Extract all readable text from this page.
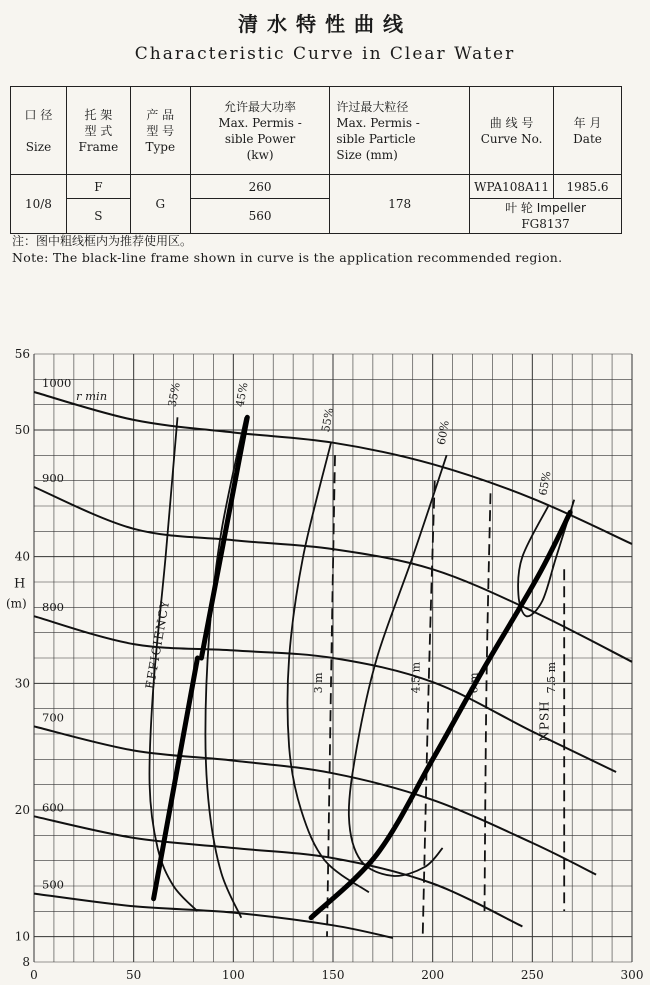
清水特性曲线
Characteristic Curve in Clear Water
口 径

Size	托 架
型 式
Frame	产 品
型 号
Type	允许最大功率
Max. Permis -
sible Power
(kw)	许过最大粒径
Max. Permis -
sible Particle
Size (mm)	曲 线 号
Curve No.	年 月
Date
10/8	F	G	260	178	WPA108A11	1985.6
	S		560		叶 轮 Impeller
FG8137	
注：图中粗线框内为推荐使用区。
Note: The black-line frame shown in curve is the application recommended region.
0	50	100	150	200	250	300
8
10
20
30
40
50
56
H
(m)
1000
900
800
700
600
500
r min	35%	45%
55%	60%
65%
3 m	4.5 m	6 m	7.5 m
EFFICIENCY
NPSH
